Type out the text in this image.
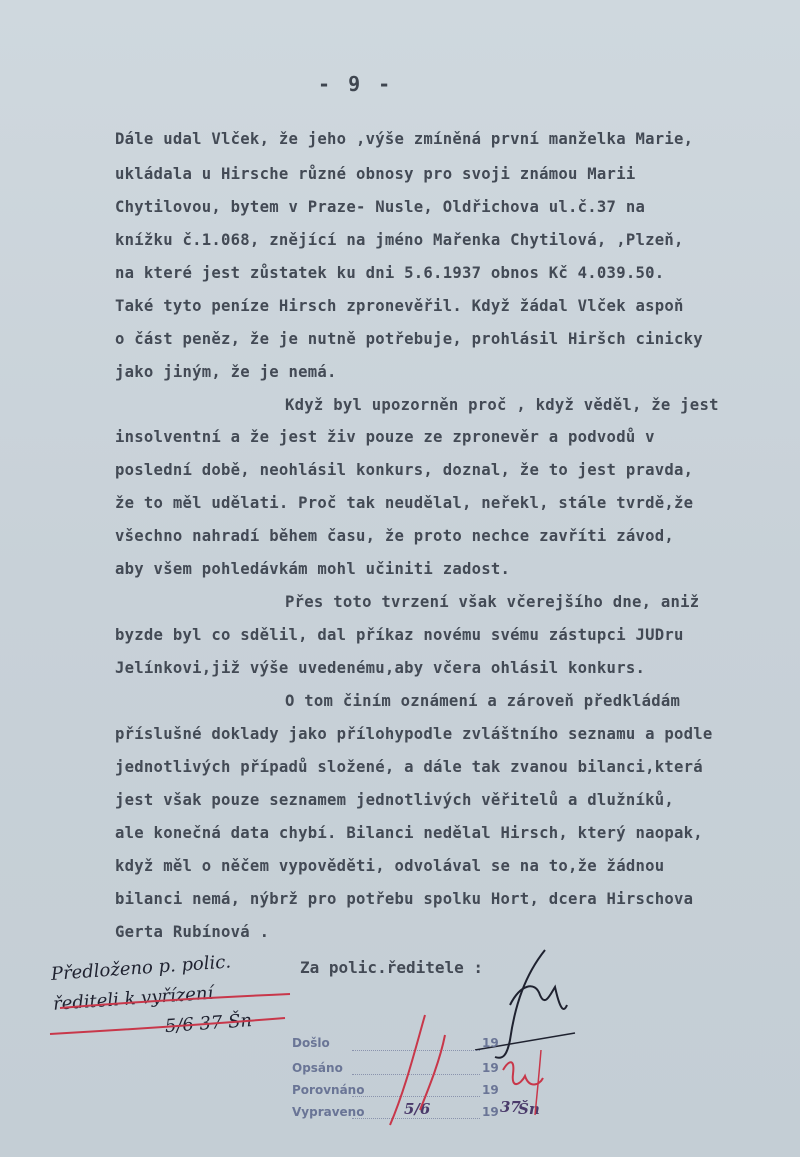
- 9 -
Dále udal Vlček, že jeho ,výše zmíněná první manželka Marie,
ukládala u Hirsche různé obnosy pro svoji známou Marii
Chytilovou, bytem v Praze- Nusle, Oldřichova ul.č.37 na
knížku č.1.068, znějící na jméno Mařenka Chytilová, ,Plzeň,
na které jest zůstatek ku dni 5.6.1937 obnos Kč 4.039.50.
Také tyto peníze Hirsch zpronevěřil. Když žádal Vlček aspoň
o část peněz, že je nutně potřebuje, prohlásil Hiršch cinicky
jako jiným, že je nemá.
Když byl upozorněn proč , když věděl, že jest
insolventní a že jest živ pouze ze zpronevěr a podvodů v
poslední době, neohlásil konkurs, doznal, že to jest pravda,
že to měl udělati. Proč tak neudělal, neřekl, stále tvrdě,že
všechno nahradí během času, že proto nechce zavříti závod,
aby všem pohledávkám mohl učiniti zadost.
Přes toto tvrzení však včerejšího dne, aniž
byzde byl co sdělil, dal příkaz novému svému zástupci JUDru
Jelínkovi,již výše uvedenému,aby včera ohlásil konkurs.
O tom činím oznámení a zároveň předkládám
příslušné doklady jako přílohypodle zvláštního seznamu a podle
jednotlivých případů složené, a dále tak zvanou bilanci,která
jest však pouze seznamem jednotlivých věřitelů a dlužníků,
ale konečná data chybí. Bilanci nedělal Hirsch, který naopak,
když měl o něčem vypověděti, odvolával se na to,že žádnou
bilanci nemá, nýbrž pro potřebu spolku Hort, dcera Hirschova
Gerta Rubínová .
Za polic.ředitele :
Předloženo p. polic.
řediteli k vyřízení
5/6 37 Šn
Došlo	19
Opsáno	19
Porovnáno	19
Vypraveno	19
5/6	37
Šn
